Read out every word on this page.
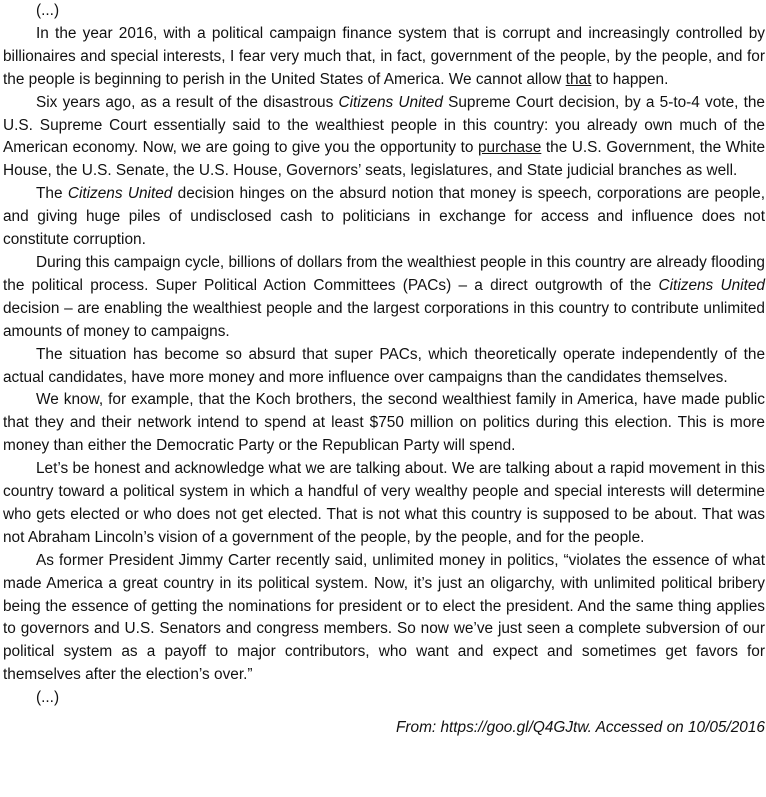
(...)

In the year 2016, with a political campaign finance system that is corrupt and increasingly controlled by billionaires and special interests, I fear very much that, in fact, government of the people, by the people, and for the people is beginning to perish in the United States of America. We cannot allow that to happen.

Six years ago, as a result of the disastrous Citizens United Supreme Court decision, by a 5-to-4 vote, the U.S. Supreme Court essentially said to the wealthiest people in this country: you already own much of the American economy. Now, we are going to give you the opportunity to purchase the U.S. Government, the White House, the U.S. Senate, the U.S. House, Governors’ seats, legislatures, and State judicial branches as well.

The Citizens United decision hinges on the absurd notion that money is speech, corporations are people, and giving huge piles of undisclosed cash to politicians in exchange for access and influence does not constitute corruption.

During this campaign cycle, billions of dollars from the wealthiest people in this country are already flooding the political process. Super Political Action Committees (PACs) – a direct outgrowth of the Citizens United decision – are enabling the wealthiest people and the largest corporations in this country to contribute unlimited amounts of money to campaigns.

The situation has become so absurd that super PACs, which theoretically operate independently of the actual candidates, have more money and more influence over campaigns than the candidates themselves.

We know, for example, that the Koch brothers, the second wealthiest family in America, have made public that they and their network intend to spend at least $750 million on politics during this election. This is more money than either the Democratic Party or the Republican Party will spend.

Let’s be honest and acknowledge what we are talking about. We are talking about a rapid movement in this country toward a political system in which a handful of very wealthy people and special interests will determine who gets elected or who does not get elected. That is not what this country is supposed to be about. That was not Abraham Lincoln’s vision of a government of the people, by the people, and for the people.

As former President Jimmy Carter recently said, unlimited money in politics, “violates the essence of what made America a great country in its political system. Now, it’s just an oligarchy, with unlimited political bribery being the essence of getting the nominations for president or to elect the president. And the same thing applies to governors and U.S. Senators and congress members. So now we’ve just seen a complete subversion of our political system as a payoff to major contributors, who want and expect and sometimes get favors for themselves after the election’s over.”

(...)

From: https://goo.gl/Q4GJtw. Accessed on 10/05/2016
